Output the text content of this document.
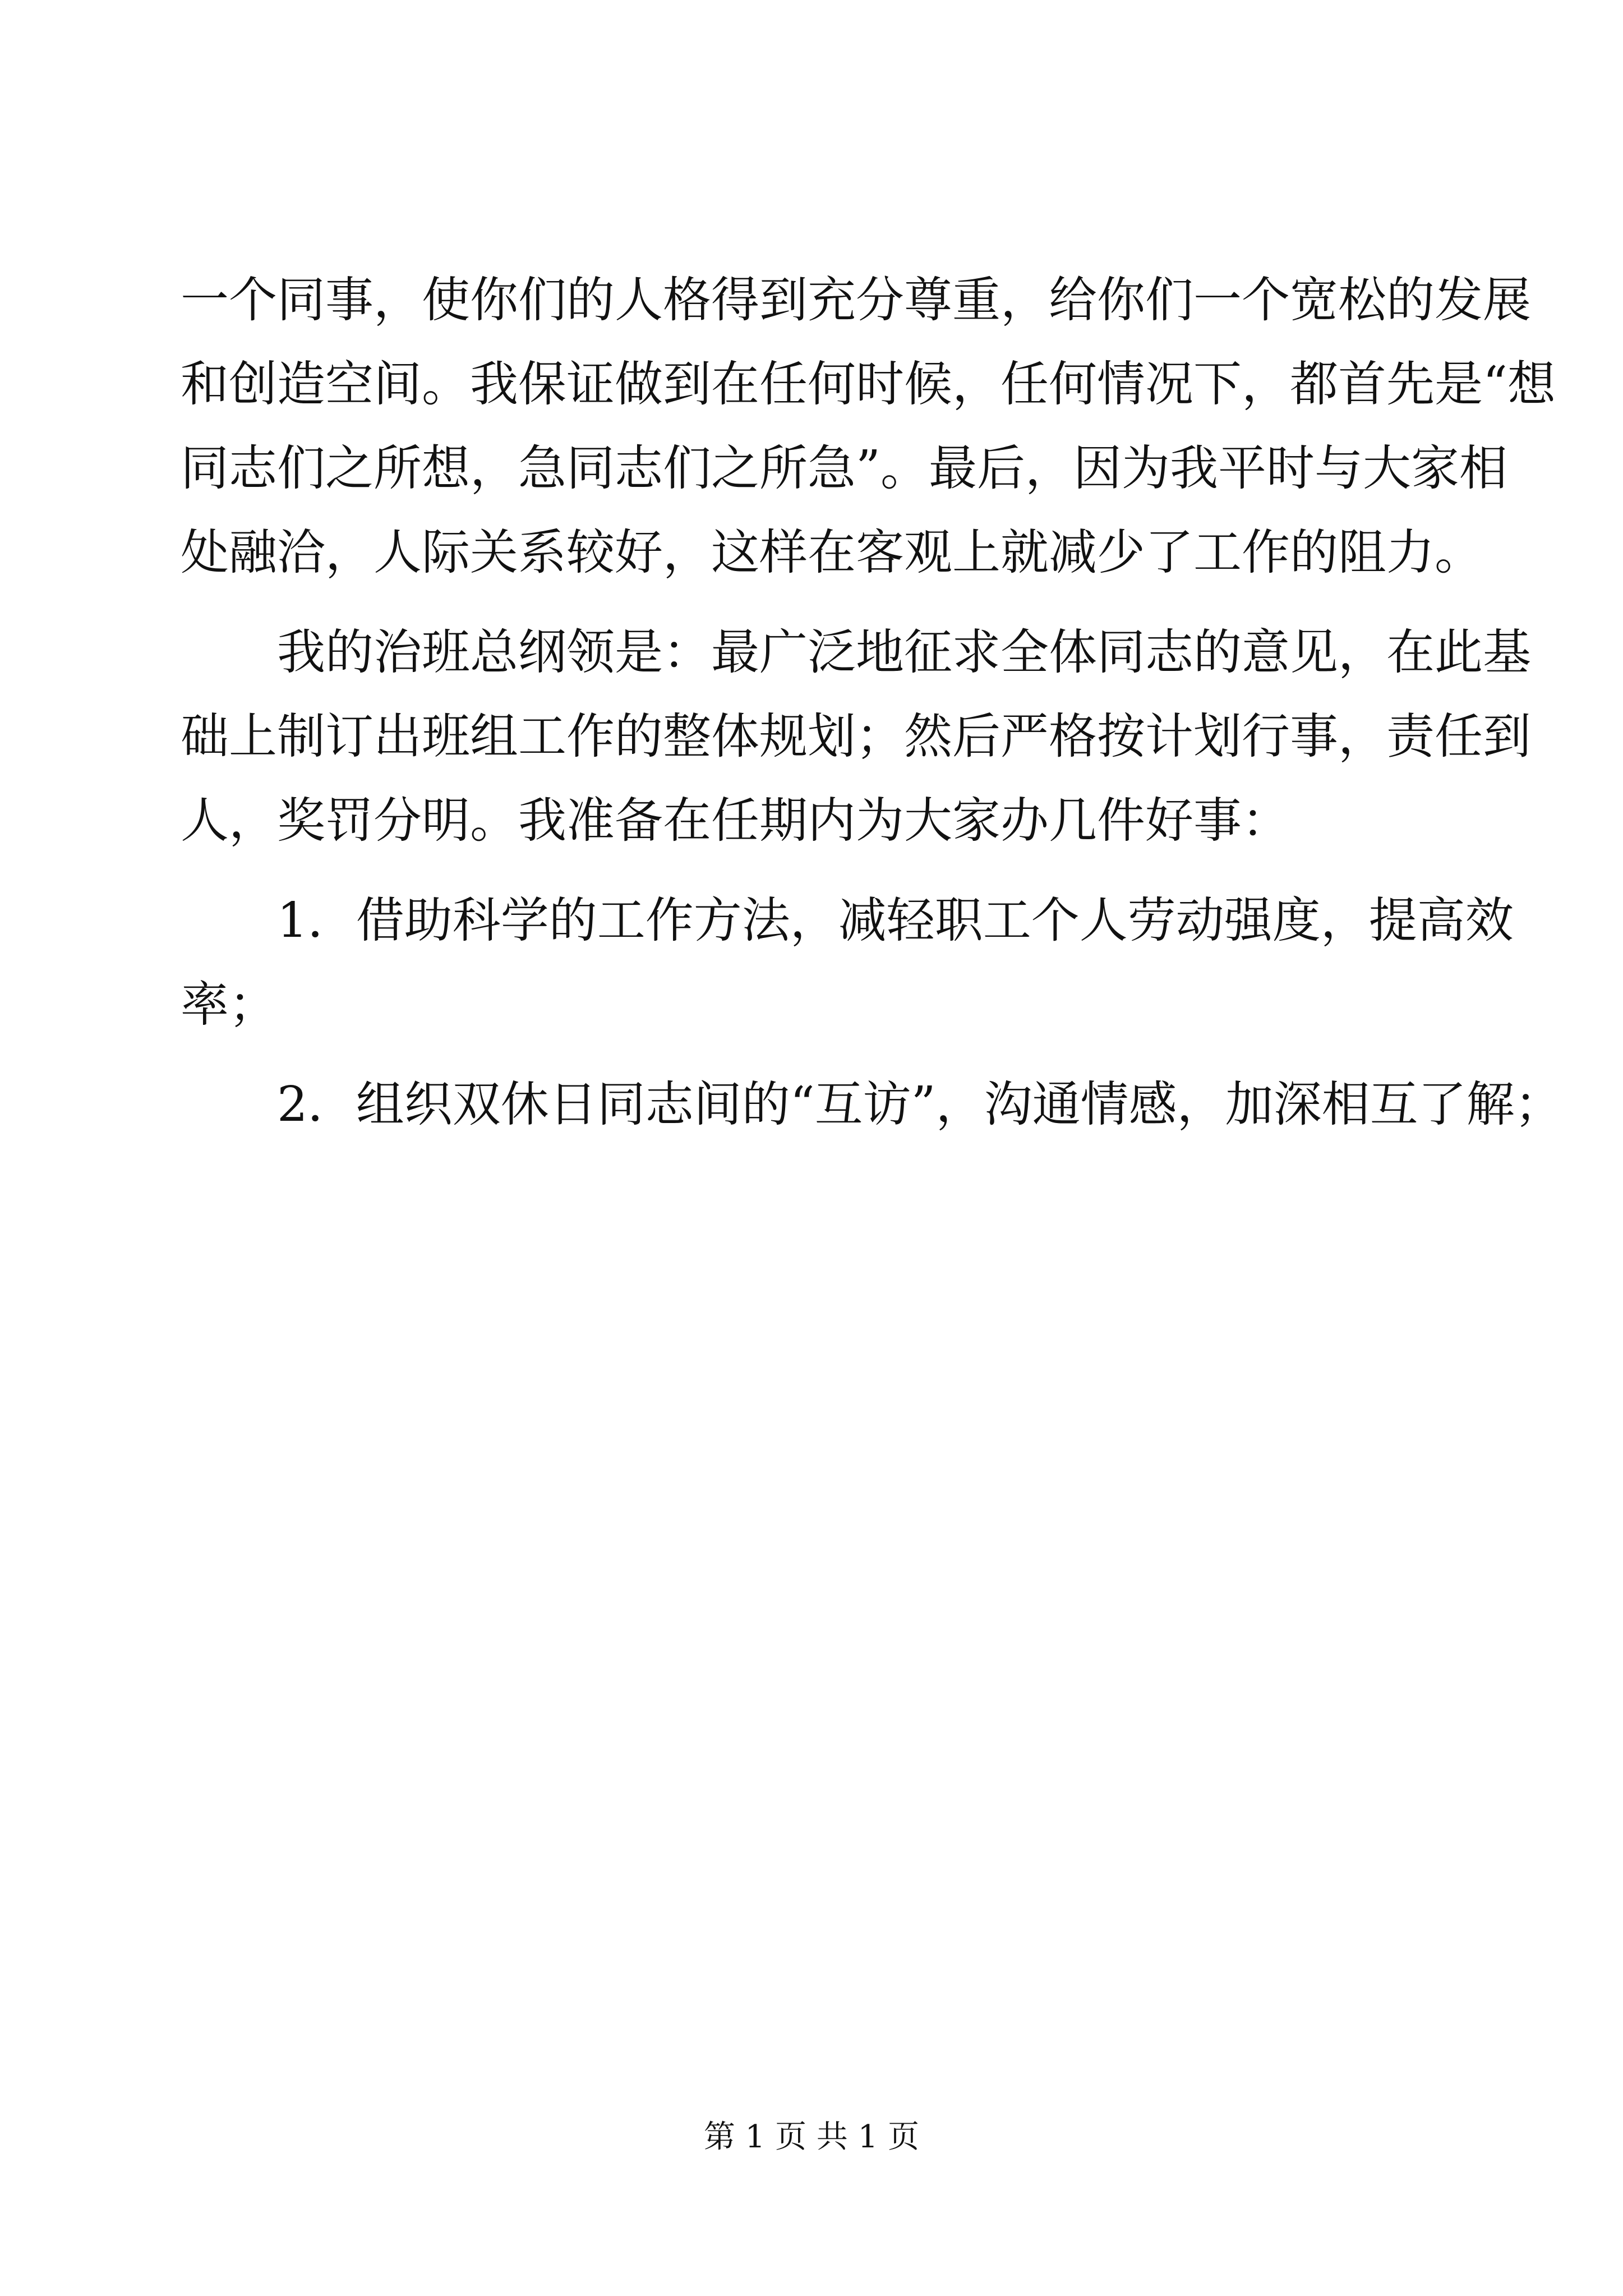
一个同事，使你们的人格得到充分尊重，给你们一个宽松的发展
和创造空间。我保证做到在任何时候，任何情况下，都首先是“想
同志们之所想，急同志们之所急”。最后，因为我平时与大家相
处融洽，人际关系较好，这样在客观上就减少了工作的阻力。
我的治班总纲领是：最广泛地征求全体同志的意见，在此基
础上制订出班组工作的整体规划；然后严格按计划行事，责任到
人，奖罚分明。我准备在任期内为大家办几件好事：
1．借助科学的工作方法，减轻职工个人劳动强度，提高效
率；
2．组织双休日同志间的“互访”，沟通情感，加深相互了解；
第 1 页 共 1 页
